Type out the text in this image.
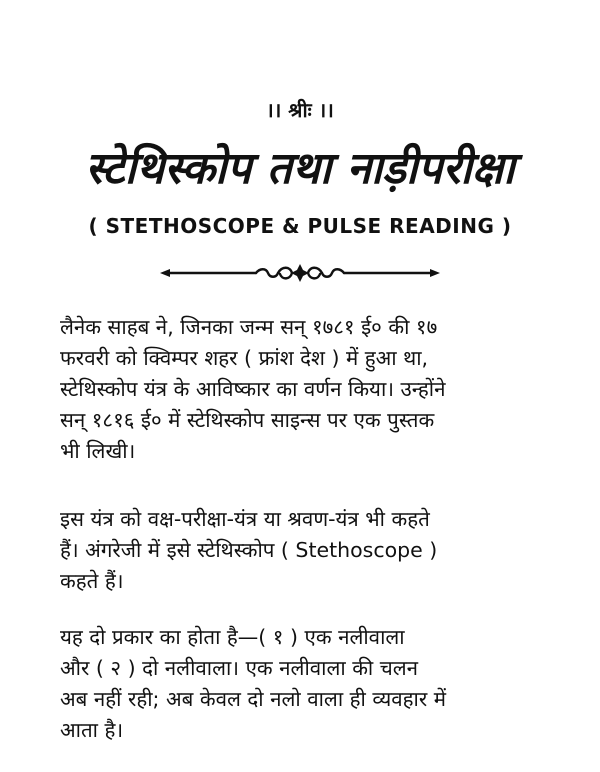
।। श्रीः ।।
स्टेथिस्कोप तथा नाड़ीपरीक्षा
( STETHOSCOPE & PULSE READING )
लैनेक साहब ने, जिनका जन्म सन् १७८१ ई० की १७
फरवरी को क्विम्पर शहर ( फ्रांश देश ) में हुआ था,
स्टेथिस्कोप यंत्र के आविष्कार का वर्णन किया। उन्होंने
सन् १८१६ ई० में स्टेथिस्कोप साइन्स पर एक पुस्तक
भी लिखी।
इस यंत्र को वक्ष-परीक्षा-यंत्र या श्रवण-यंत्र भी कहते
हैं। अंगरेजी में इसे स्टेथिस्कोप ( Stethoscope )
कहते हैं।
यह दो प्रकार का होता है—( १ ) एक नलीवाला
और ( २ ) दो नलीवाला। एक नलीवाला की चलन
अब नहीं रही; अब केवल दो नलो वाला ही व्यवहार में
आता है।
